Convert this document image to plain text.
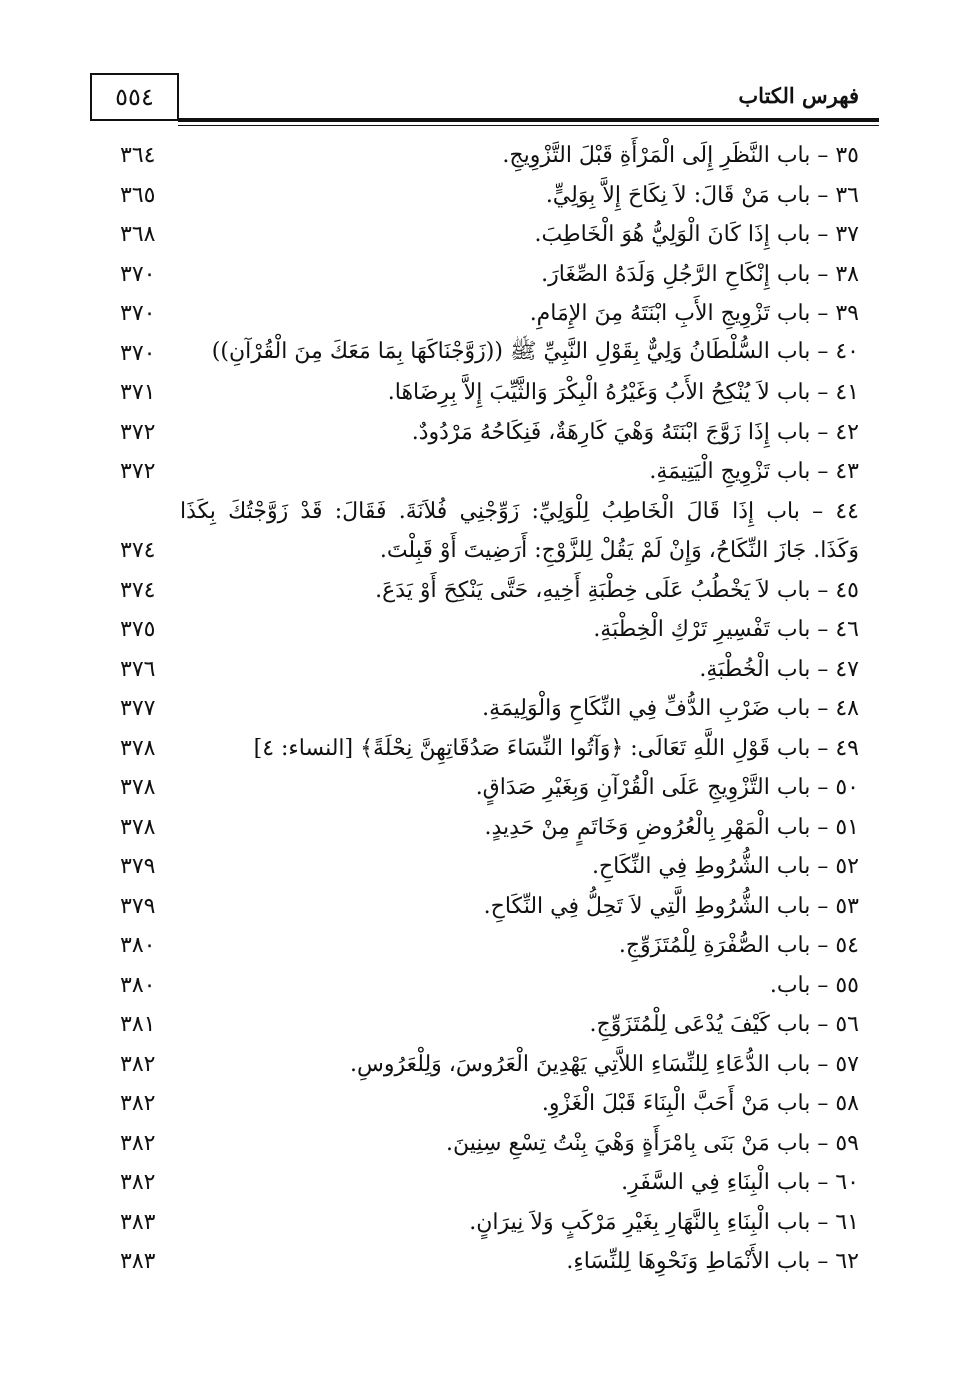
٥٥٤	فهرس الكتاب
٣٥ – باب النَّظَرِ إِلَى الْمَرْأَةِ قَبْلَ التَّزْوِيجِ.
٣٦٤
٣٦ – باب مَنْ قَالَ: لاَ نِكَاحَ إِلاَّ بِوَلِيٍّ.
٣٦٥
٣٧ – باب إِذَا كَانَ الْوَلِيُّ هُوَ الْخَاطِبَ.
٣٦٨
٣٨ – باب إِنْكَاحِ الرَّجُلِ وَلَدَهُ الصِّغَارَ.
٣٧٠
٣٩ – باب تَزْوِيجِ الأَبِ ابْنَتَهُ مِنَ الإِمَامِ.
٣٧٠
٤٠ – باب السُّلْطَانُ وَلِيٌّ بِقَوْلِ النَّبِيِّ ﷺ ((زَوَّجْنَاكَهَا بِمَا مَعَكَ مِنَ الْقُرْآنِ))
٣٧٠
٤١ – باب لاَ يُنْكِحُ الأَبُ وَغَيْرُهُ الْبِكْرَ وَالثَّيِّبَ إِلاَّ بِرِضَاهَا.
٣٧١
٤٢ – باب إِذَا زَوَّجَ ابْنَتَهُ وَهْيَ كَارِهَةٌ، فَنِكَاحُهُ مَرْدُودٌ.
٣٧٢
٤٣ – باب تَزْوِيجِ الْيَتِيمَةِ.
٣٧٢
٤٤ – باب إِذَا قَالَ الْخَاطِبُ لِلْوَلِيِّ: زَوِّجْنِي فُلاَنَةَ. فَقَالَ: قَدْ زَوَّجْتُكَ بِكَذَا
وَكَذَا. جَازَ النِّكَاحُ، وَإِنْ لَمْ يَقُلْ لِلزَّوْجِ: أَرَضِيتَ أَوْ قَبِلْتَ.
٣٧٤
٤٥ – باب لاَ يَخْطُبُ عَلَى خِطْبَةِ أَخِيهِ، حَتَّى يَنْكِحَ أَوْ يَدَعَ.
٣٧٤
٤٦ – باب تَفْسِيرِ تَرْكِ الْخِطْبَةِ.
٣٧٥
٤٧ – باب الْخُطْبَةِ.
٣٧٦
٤٨ – باب ضَرْبِ الدُّفِّ فِي النِّكَاحِ وَالْوَلِيمَةِ.
٣٧٧
٤٩ – باب قَوْلِ اللَّهِ تَعَالَى: ﴿وَآتُوا النِّسَاءَ صَدُقَاتِهِنَّ نِحْلَةً﴾ [النساء: ٤]
٣٧٨
٥٠ – باب التَّزْوِيجِ عَلَى الْقُرْآنِ وَبِغَيْرِ صَدَاقٍ.
٣٧٨
٥١ – باب الْمَهْرِ بِالْعُرُوضِ وَخَاتَمٍ مِنْ حَدِيدٍ.
٣٧٨
٥٢ – باب الشُّرُوطِ فِي النِّكَاحِ.
٣٧٩
٥٣ – باب الشُّرُوطِ الَّتِي لاَ تَحِلُّ فِي النِّكَاحِ.
٣٧٩
٥٤ – باب الصُّفْرَةِ لِلْمُتَزَوِّجِ.
٣٨٠
٥٥ – باب.
٣٨٠
٥٦ – باب كَيْفَ يُدْعَى لِلْمُتَزَوِّجِ.
٣٨١
٥٧ – باب الدُّعَاءِ لِلنِّسَاءِ اللاَّتِي يَهْدِينَ الْعَرُوسَ، وَلِلْعَرُوسِ.
٣٨٢
٥٨ – باب مَنْ أَحَبَّ الْبِنَاءَ قَبْلَ الْغَزْوِ.
٣٨٢
٥٩ – باب مَنْ بَنَى بِامْرَأَةٍ وَهْيَ بِنْتُ تِسْعِ سِنِينَ.
٣٨٢
٦٠ – باب الْبِنَاءِ فِي السَّفَرِ.
٣٨٢
٦١ – باب الْبِنَاءِ بِالنَّهَارِ بِغَيْرِ مَرْكَبٍ وَلاَ نِيرَانٍ.
٣٨٣
٦٢ – باب الأَنْمَاطِ وَنَحْوِهَا لِلنِّسَاءِ.
٣٨٣
